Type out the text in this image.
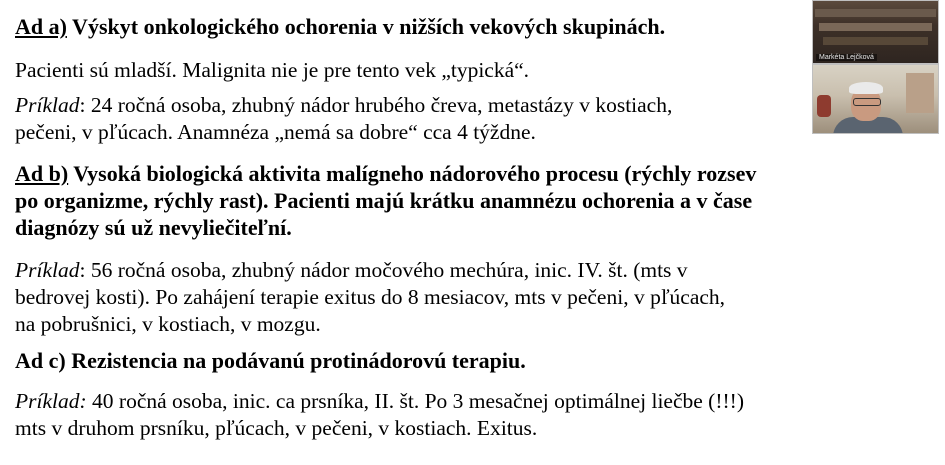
Ad a) Výskyt onkologického ochorenia v nižších vekových skupinách.
Pacienti sú mladší. Malignita nie je pre tento vek „typická“.
Príklad: 24 ročná osoba, zhubný nádor hrubého čreva, metastázy v kostiach,
pečeni, v pľúcach. Anamnéza „nemá sa dobre“ cca 4 týždne.
Ad b) Vysoká biologická aktivita malígneho nádorového procesu (rýchly rozsev
po organizme, rýchly rast). Pacienti majú krátku anamnézu ochorenia a v čase
diagnózy sú už nevyliečiteľní.
Príklad: 56 ročná osoba, zhubný nádor močového mechúra, inic. IV. št. (mts v
bedrovej kosti). Po zahájení terapie exitus do 8 mesiacov, mts v pečeni, v pľúcach,
na pobrušnici, v kostiach, v mozgu.
Ad c) Rezistencia na podávanú protinádorovú terapiu.
Príklad: 40 ročná osoba, inic. ca prsníka, II. št. Po 3 mesačnej optimálnej liečbe (!!!)
mts v druhom prsníku, pľúcach, v pečeni, v kostiach. Exitus.
Markéta Lejčková
